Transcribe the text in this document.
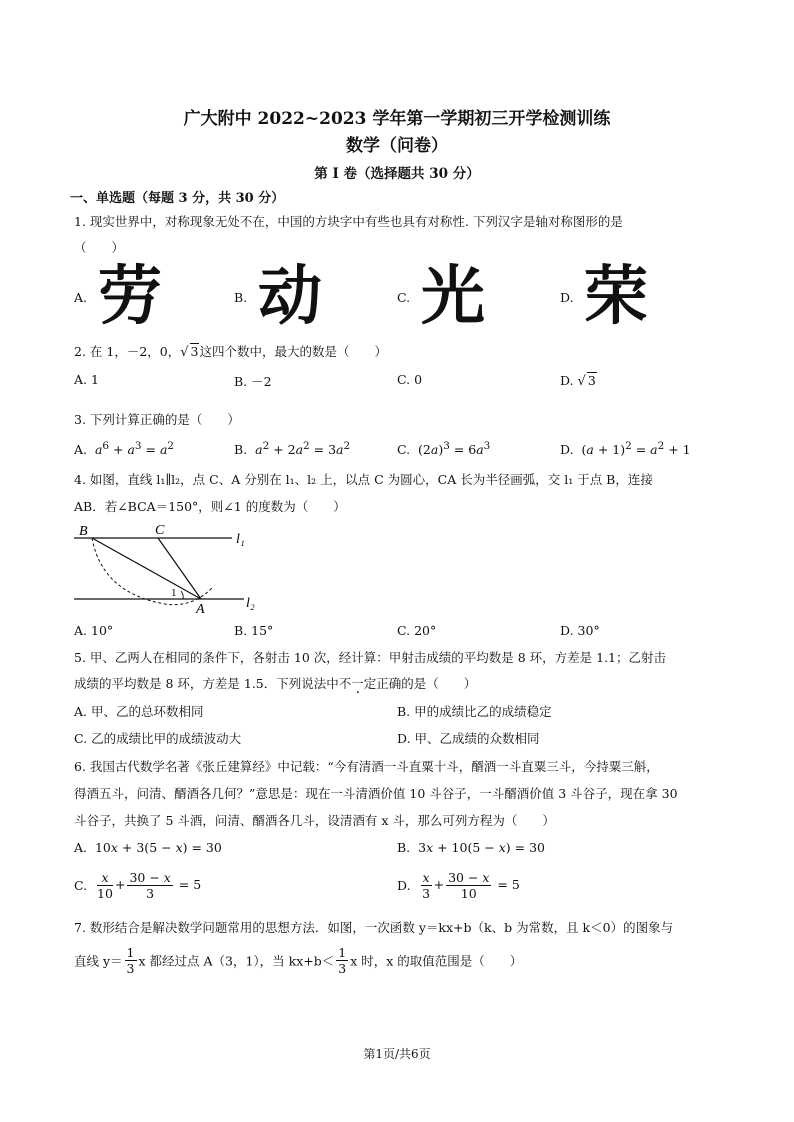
广大附中 2022~2023 学年第一学期初三开学检测训练
数学（问卷）
第 I 卷（选择题共 30 分）
一、单选题（每题 3 分，共 30 分）
1. 现实世界中，对称现象无处不在，中国的方块字中有些也具有对称性. 下列汉字是轴对称图形的是
（　　）
A. 劳	B. 动	C. 光	D. 荣
2. 在 1，－2，0，√ 3这四个数中，最大的数是（　　）
A. 1	B. －2	C. 0	D. √ 3
3. 下列计算正确的是（　　）
A. $a^6 + a^3 = a^2$	B. $a^2 + 2a^2 = 3a^2$	C.  $(2a)^3 = 6a^3$	D.  $(a + 1)^2 = a^2 + 1$
4. 如图，直线 l₁∥l₂，点 C、A 分别在 l₁、l₂ 上，以点 C 为圆心，CA 长为半径画弧，交 l₁ 于点 B，连接
AB．若∠BCA＝150°，则∠1 的度数为（　　）
B	C
A
l₁
l₂
1
A. 10°	B. 15°	C. 20°	D. 30°
5. 甲、乙两人在相同的条件下，各射击 10 次，经计算：甲射击成绩的平均数是 8 环，方差是 1.1；乙射击
成绩的平均数是 8 环，方差是 1.5．下列说法中不一定正确的是（　　）
A. 甲、乙的总环数相同	B. 甲的成绩比乙的成绩稳定
C. 乙的成绩比甲的成绩波动大	D. 甲、乙成绩的众数相同
6. 我国古代数学名著《张丘建算经》中记载：“今有清酒一斗直粟十斗，醑酒一斗直粟三斗，今持粟三斛，
得酒五斗，问清、醑酒各几何？”意思是：现在一斗清酒价值 10 斗谷子，一斗醑酒价值 3 斗谷子，现在拿 30
斗谷子，共换了 5 斗酒，问清、醑酒各几斗，设清酒有 x 斗，那么可列方程为（　　）
A.  10x + 3(5 − x) = 30	B.  3x + 10(5 − x) = 30
C. $\frac{x}{10} + \frac{30 - x}{3} = 5$	D. $\frac{x}{3} + \frac{30 - x}{10} = 5$
7. 数形结合是解决数学问题常用的思想方法．如图，一次函数 y＝kx+b（k、b 为常数，且 k＜0）的图象与
直线 $y= \frac{1}{3}$ x 都经过点 A（3，1），当 $kx+b< \frac{1}{3}$ x 时，x 的取值范围是（　　）
第1页/共6页
